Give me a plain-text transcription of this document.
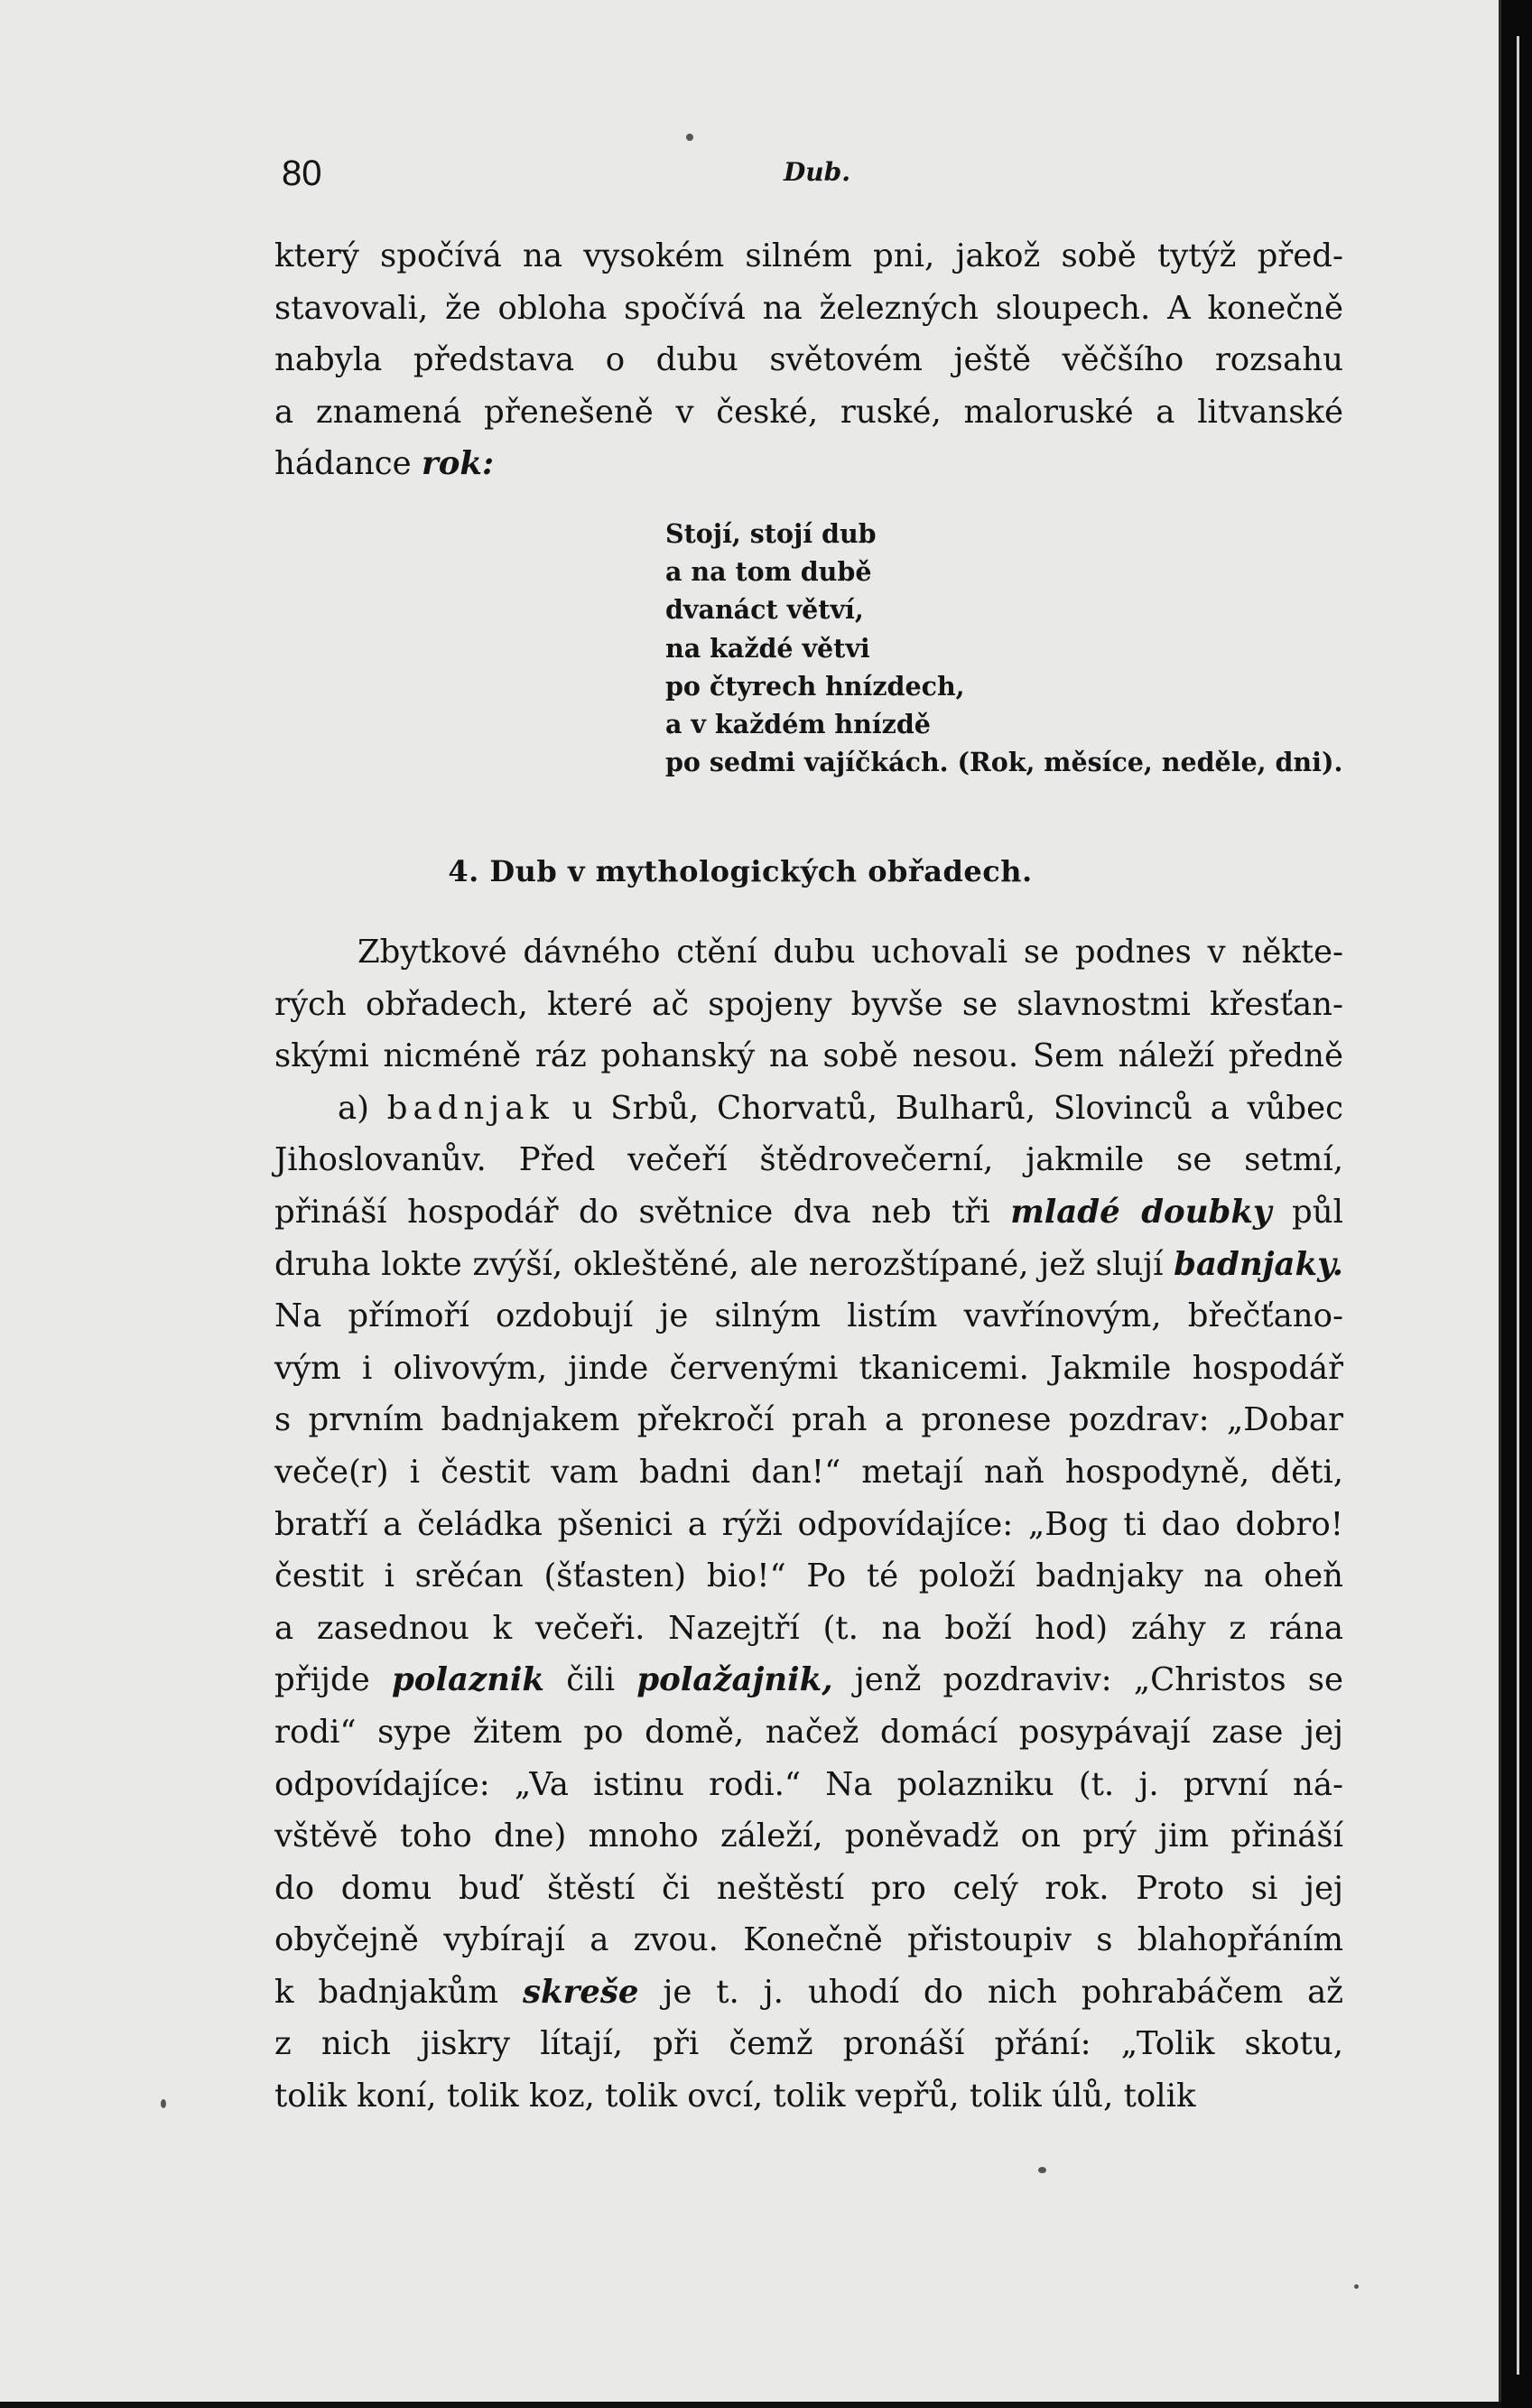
80	Dub.
který spočívá na vysokém silném pni, jakož sobě tytýž před-
stavovali, že obloha spočívá na železných sloupech. A konečně
nabyla představa o dubu světovém ještě věčšího rozsahu
a znamená přenešeně v české, ruské, maloruské a litvanské
hádance rok:
Stojí, stojí dub
a na tom dubě
dvanáct větví,
na každé větvi
po čtyrech hnízdech,
a v každém hnízdě
po sedmi vajíčkách. (Rok, měsíce, neděle, dni).
4. Dub v mythologických obřadech.
Zbytkové dávného ctění dubu uchovali se podnes v někte-
rých obřadech, které ač spojeny byvše se slavnostmi křesťan-
skými nicméně ráz pohanský na sobě nesou. Sem náleží předně
a) badnjak u Srbů, Chorvatů, Bulharů, Slovinců a vůbec
Jihoslovanův. Před večeří štědrovečerní, jakmile se setmí,
přináší hospodář do světnice dva neb tři mladé doubky půl
druha lokte zvýší, okleštěné, ale nerozštípané, jež slují badnjaky.
Na přímoří ozdobují je silným listím vavřínovým, břečťano-
vým i olivovým, jinde červenými tkanicemi. Jakmile hospodář
s prvním badnjakem překročí prah a pronese pozdrav: „Dobar
veče(r) i čestit vam badni dan!“ metají naň hospodyně, děti,
bratří a čeládka pšenici a rýži odpovídajíce: „Bog ti dao dobro!
čestit i srěćan (šťasten) bio!“ Po té položí badnjaky na oheň
a zasednou k večeři. Nazejtří (t. na boží hod) záhy z rána
přijde polaznik čili polažajnik, jenž pozdraviv: „Christos se
rodi“ sype žitem po domě, načež domácí posypávají zase jej
odpovídajíce: „Va istinu rodi.“ Na polazniku (t. j. první ná-
vštěvě toho dne) mnoho záleží, poněvadž on prý jim přináší
do domu buď štěstí či neštěstí pro celý rok. Proto si jej
obyčejně vybírají a zvou. Konečně přistoupiv s blahopřáním
k badnjakům skreše je t. j. uhodí do nich pohrabáčem až
z nich jiskry lítají, při čemž pronáší přání: „Tolik skotu,
tolik koní, tolik koz, tolik ovcí, tolik vepřů, tolik úlů, tolik
